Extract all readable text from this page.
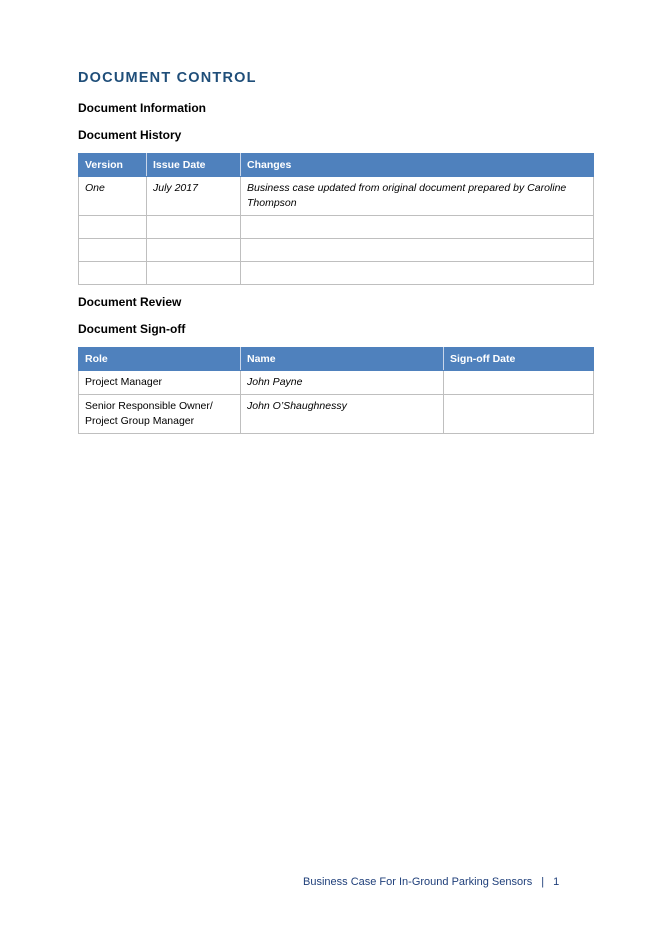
DOCUMENT CONTROL
Document Information
Document History
Version	Issue Date	Changes
One	July 2017	Business case updated from original document prepared by Caroline Thompson

Document Review
Document Sign-off
Role	Name	Sign-off Date
Project Manager	John Payne	
Senior Responsible Owner/ Project Group Manager	John O’Shaughnessy	
Business Case For In-Ground Parking Sensors | 1
